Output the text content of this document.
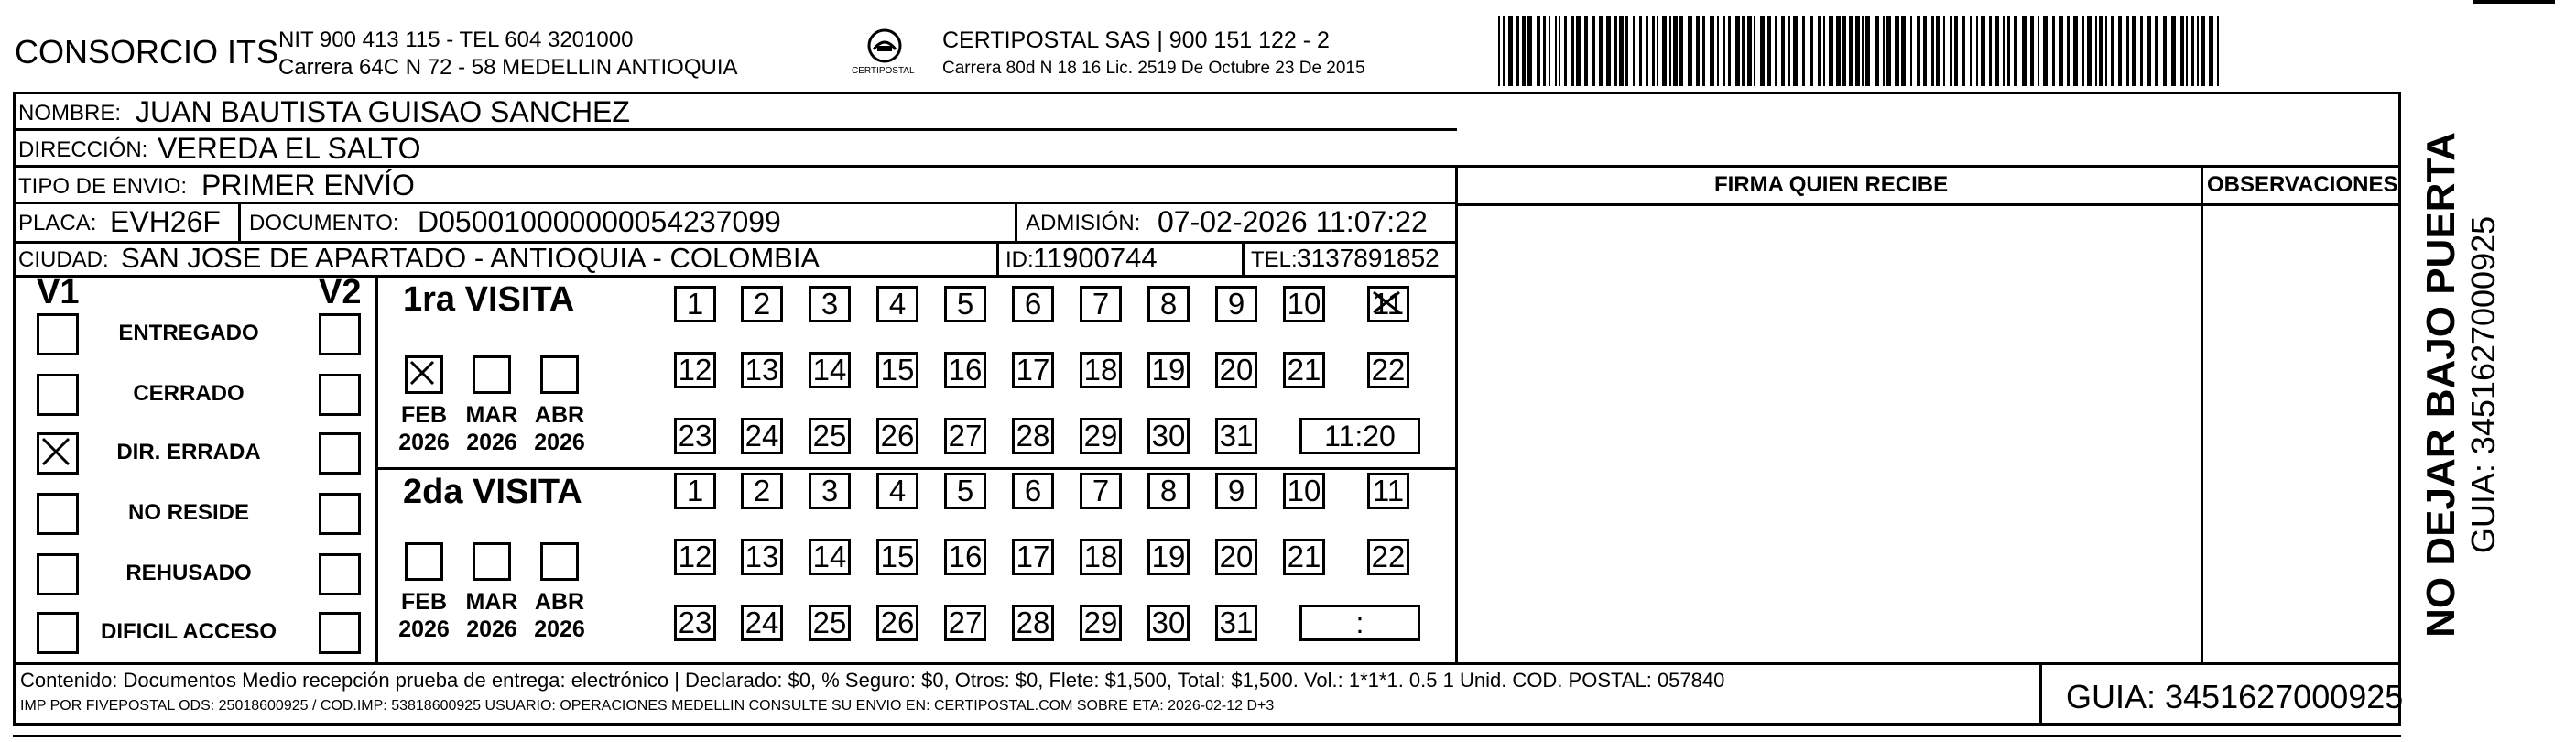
CONSORCIO ITS NIT 900 413 115 - TEL 604 3201000
Carrera 64C N 72 - 58 MEDELLIN ANTIOQUIA	CERTIPOSTAL
CERTIPOSTAL SAS | 900 151 122 - 2
Carrera 80d N 18 16 Lic. 2519 De Octubre 23 De 2015
NOMBRE: JUAN BAUTISTA GUISAO SANCHEZ
DIRECCIÓN: VEREDA EL SALTO
TIPO DE ENVIO: PRIMER ENVÍO
PLACA: EVH26F DOCUMENTO: D050010000000054237099	ADMISIÓN: 07-02-2026 11:07:22
CIUDAD: SAN JOSE DE APARTADO - ANTIOQUIA - COLOMBIA	ID: 11900744	TEL: 3137891852
FIRMA QUIEN RECIBE	OBSERVACIONES
V1	V2
ENTREGADO
CERRADO
DIR. ERRADA
NO RESIDE
REHUSADO
DIFICIL ACCESO
1ra VISITA
2da VISITA
FEB
2026
MAR
2026
ABR
2026
1 2 3 4 5 6 7 8 9 10 11
12 13 14 15 16 17 18 19 20 21 22
23 24 25 26 27 28 29 30 31 11:20
FEB
2026
MAR
2026
ABR
2026
1 2 3 4 5 6 7 8 9 10 11
12 13 14 15 16 17 18 19 20 21 22
23 24 25 26 27 28 29 30 31	:
Contenido: Documentos Medio recepción prueba de entrega: electrónico | Declarado: $0, % Seguro: $0, Otros: $0, Flete: $1,500, Total: $1,500. Vol.: 1*1*1. 0.5 1 Unid. COD. POSTAL: 057840
IMP POR FIVEPOSTAL ODS: 25018600925 / COD.IMP: 53818600925 USUARIO: OPERACIONES MEDELLIN CONSULTE SU ENVIO EN: CERTIPOSTAL.COM SOBRE ETA: 2026-02-12 D+3	GUIA: 3451627000925
NO DEJAR BAJO PUERTA GUIA: 3451627000925
